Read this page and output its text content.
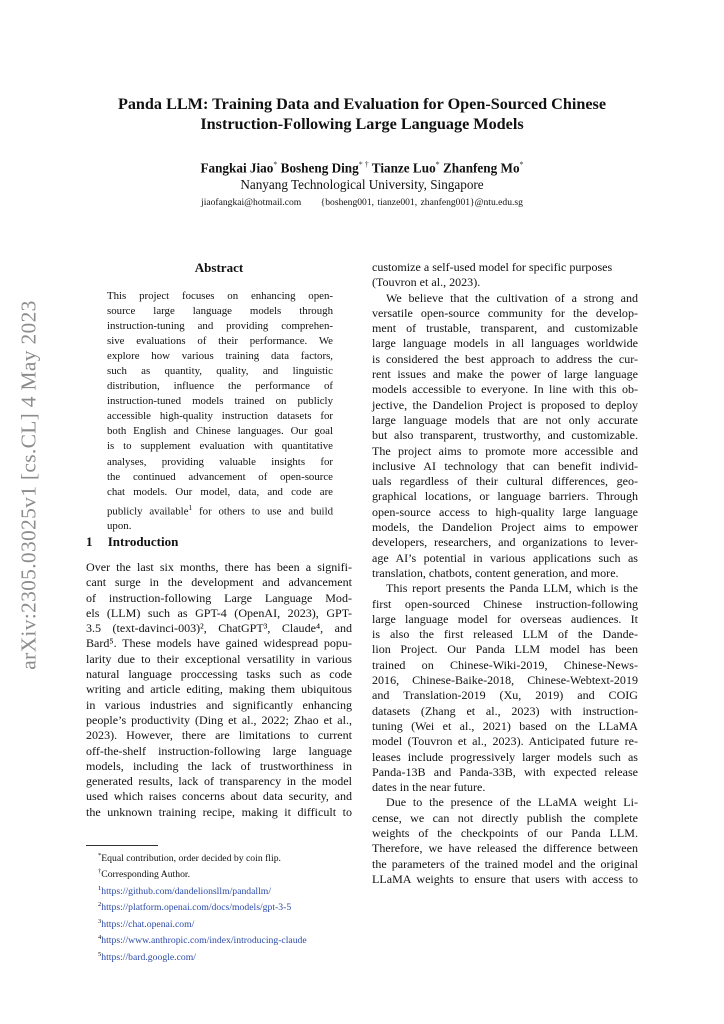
arXiv:2305.03025v1 [cs.CL] 4 May 2023
Panda LLM: Training Data and Evaluation for Open-Sourced Chinese
Instruction-Following Large Language Models
Fangkai Jiao* Bosheng Ding* † Tianze Luo* Zhanfeng Mo*
Nanyang Technological University, Singapore
jiaofangkai@hotmail.com {bosheng001, tianze001, zhanfeng001}@ntu.edu.sg
Abstract
This project focuses on enhancing open-
source large language models through
instruction-tuning and providing comprehen-
sive evaluations of their performance. We
explore how various training data factors,
such as quantity, quality, and linguistic
distribution, influence the performance of
instruction-tuned models trained on publicly
accessible high-quality instruction datasets for
both English and Chinese languages. Our goal
is to supplement evaluation with quantitative
analyses, providing valuable insights for
the continued advancement of open-source
chat models. Our model, data, and code are
publicly available$^1$ for others to use and build
upon.
1 Introduction
Over the last six months, there has been a signifi-
cant surge in the development and advancement
of instruction-following Large Language Mod-
els (LLM) such as GPT-4 (OpenAI, 2023), GPT-
3.5 (text-davinci-003)², ChatGPT³, Claude⁴, and
Bard⁵. These models have gained widespread popu-
larity due to their exceptional versatility in various
natural language proccessing tasks such as code
writing and article editing, making them ubiquitous
in various industries and significantly enhancing
people’s productivity (Ding et al., 2022; Zhao et al.,
2023). However, there are limitations to current
off-the-shelf instruction-following large language
models, including the lack of trustworthiness in
generated results, lack of transparency in the model
used which raises concerns about data security, and
the unknown training recipe, making it difficult to
customize a self-used model for specific purposes
(Touvron et al., 2023).
We believe that the cultivation of a strong and
versatile open-source community for the develop-
ment of trustable, transparent, and customizable
large language models in all languages worldwide
is considered the best approach to address the cur-
rent issues and make the power of large language
models accessible to everyone. In line with this ob-
jective, the Dandelion Project is proposed to deploy
large language models that are not only accurate
but also transparent, trustworthy, and customizable.
The project aims to promote more accessible and
inclusive AI technology that can benefit individ-
uals regardless of their cultural differences, geo-
graphical locations, or language barriers. Through
open-source access to high-quality large language
models, the Dandelion Project aims to empower
developers, researchers, and organizations to lever-
age AI’s potential in various applications such as
translation, chatbots, content generation, and more.
This report presents the Panda LLM, which is the
first open-sourced Chinese instruction-following
large language model for overseas audiences. It
is also the first released LLM of the Dande-
lion Project. Our Panda LLM model has been
trained on Chinese-Wiki-2019, Chinese-News-
2016, Chinese-Baike-2018, Chinese-Webtext-2019
and Translation-2019 (Xu, 2019) and COIG
datasets (Zhang et al., 2023) with instruction-
tuning (Wei et al., 2021) based on the LLaMA
model (Touvron et al., 2023). Anticipated future re-
leases include progressively larger models such as
Panda-13B and Panda-33B, with expected release
dates in the near future.
Due to the presence of the LLaMA weight Li-
cense, we can not directly publish the complete
weights of the checkpoints of our Panda LLM.
Therefore, we have released the difference between
the parameters of the trained model and the original
LLaMA weights to ensure that users with access to
*Equal contribution, order decided by coin flip.
†Corresponding Author.
$^1$https://github.com/dandelionsllm/pandallm/
$^2$https://platform.openai.com/docs/models/gpt-3-5
$^3$https://chat.openai.com/
$^4$https://www.anthropic.com/index/introducing-claude
$^5$https://bard.google.com/
